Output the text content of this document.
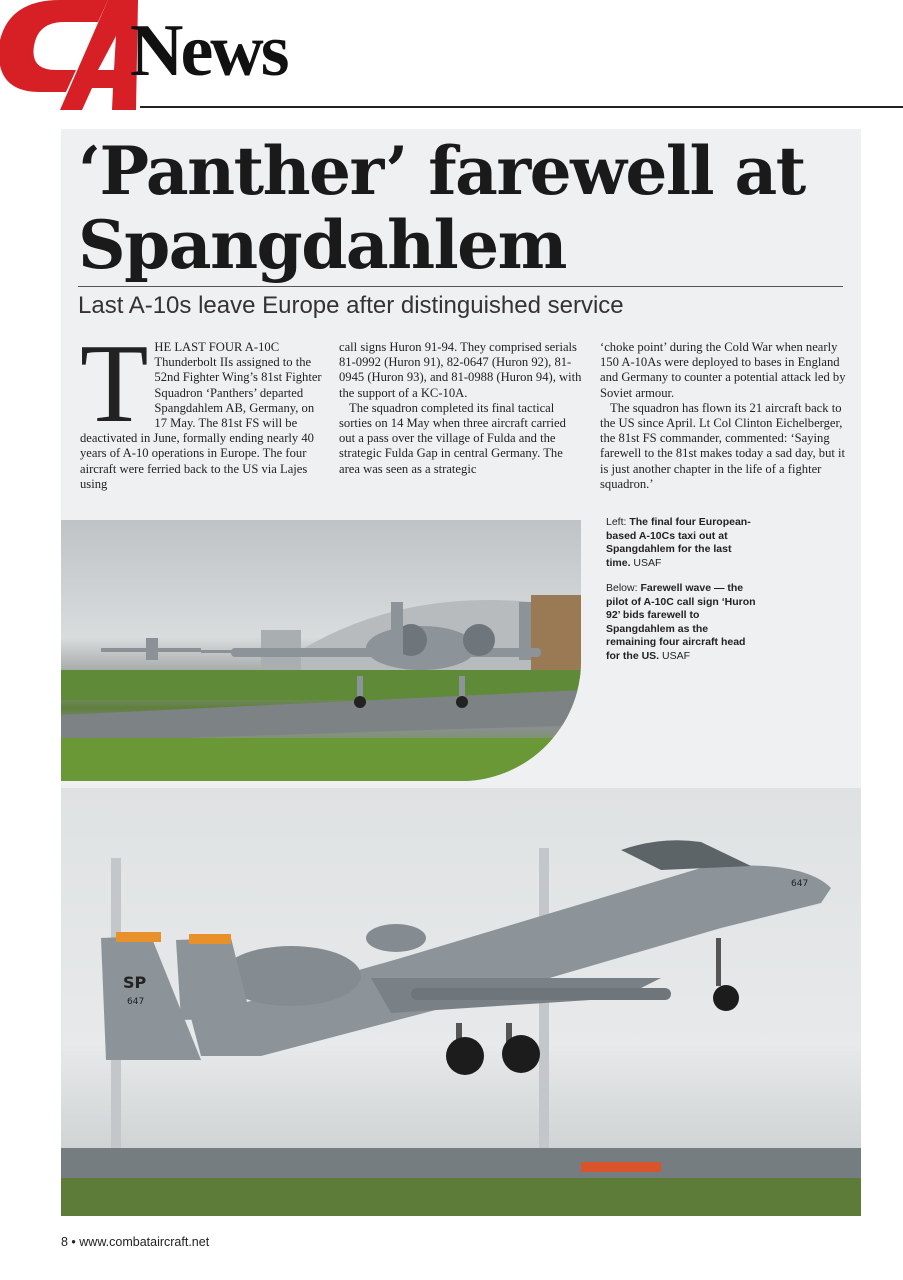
News
‘Panther’ farewell at Spangdahlem
Last A-10s leave Europe after distinguished service
T HE LAST FOUR A-10C Thunderbolt IIs assigned to the 52nd Fighter Wing’s 81st Fighter Squadron ‘Panthers’ departed Spangdahlem AB, Germany, on 17 May. The 81st FS will be deactivated in June, formally ending nearly 40 years of A-10 operations in Europe. The four aircraft were ferried back to the US via Lajes using

call signs Huron 91-94. They comprised serials 81-0992 (Huron 91), 82-0647 (Huron 92), 81-0945 (Huron 93), and 81-0988 (Huron 94), with the support of a KC-10A.

The squadron completed its final tactical sorties on 14 May when three aircraft carried out a pass over the village of Fulda and the strategic Fulda Gap in central Germany. The area was seen as a strategic

‘choke point’ during the Cold War when nearly 150 A-10As were deployed to bases in England and Germany to counter a potential attack led by Soviet armour.

The squadron has flown its 21 aircraft back to the US since April. Lt Col Clinton Eichelberger, the 81st FS commander, commented: ‘Saying farewell to the 81st makes today a sad day, but it is just another chapter in the life of a fighter squadron.’

Left: The final four European-based A-10Cs taxi out at Spangdahlem for the last time. USAF

Below: Farewell wave — the pilot of A-10C call sign ‘Huron 92’ bids farewell to Spangdahlem as the remaining four aircraft head for the US. USAF

SP
647
647
8 • www.combataircraft.net
